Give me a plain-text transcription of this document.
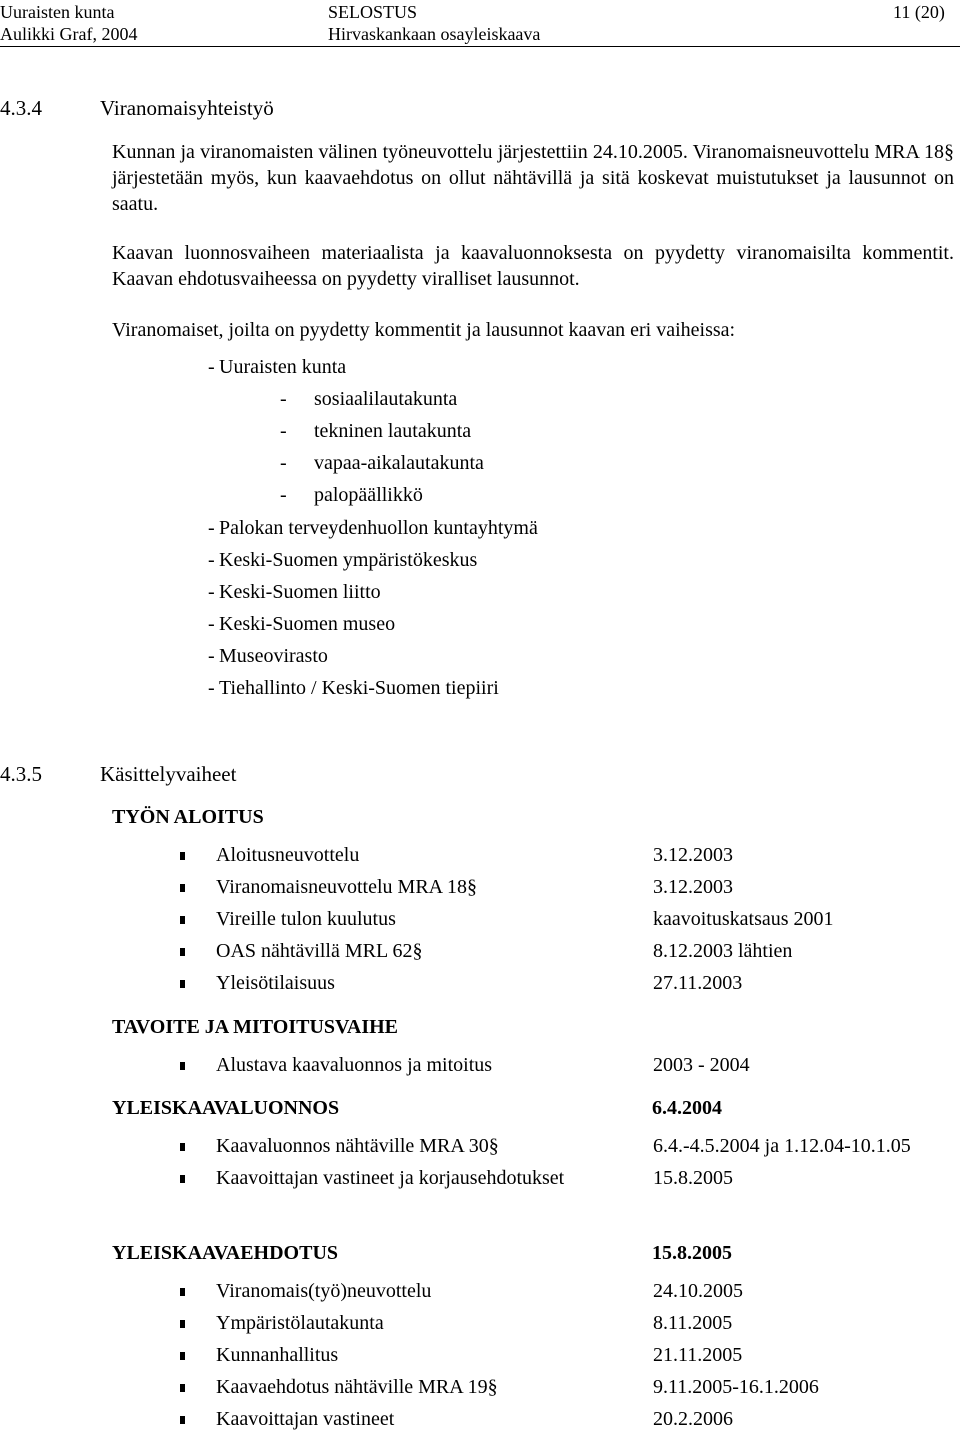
Uuraisten kunta
Aulikki Graf, 2004
SELOSTUS
Hirvaskankaan osayleiskaava
11 (20)
4.3.4	Viranomaisyhteistyö

Kunnan ja viranomaisten välinen työneuvottelu järjestettiin 24.10.2005. Viranomaisneuvottelu MRA 18§ järjestetään myös, kun kaavaehdotus on ollut nähtävillä ja sitä koskevat muistutukset ja lausunnot on saatu.

Kaavan luonnosvaiheen materiaalista ja kaavaluonnoksesta on pyydetty viranomaisilta kommentit. Kaavan ehdotusvaiheessa on pyydetty viralliset lausunnot.

Viranomaiset, joilta on pyydetty kommentit ja lausunnot kaavan eri vaiheissa:
- Uuraisten kunta
- sosiaalilautakunta
- tekninen lautakunta
- vapaa-aikalautakunta
- palopäällikkö
- Palokan terveydenhuollon kuntayhtymä
- Keski-Suomen ympäristökeskus
- Keski-Suomen liitto
- Keski-Suomen museo
- Museovirasto
- Tiehallinto / Keski-Suomen tiepiiri
4.3.5	Käsittelyvaiheet
TYÖN ALOITUS
Aloitusneuvottelu	3.12.2003
Viranomaisneuvottelu MRA 18§	3.12.2003
Vireille tulon kuulutus	kaavoituskatsaus 2001
OAS nähtävillä MRL 62§	8.12.2003 lähtien
Yleisötilaisuus	27.11.2003
TAVOITE JA MITOITUSVAIHE
Alustava kaavaluonnos ja mitoitus	2003 - 2004
YLEISKAAVALUONNOS	6.4.2004
Kaavaluonnos nähtäville MRA 30§	6.4.-4.5.2004 ja 1.12.04-10.1.05
Kaavoittajan vastineet ja korjausehdotukset	15.8.2005
YLEISKAAVAEHDOTUS	15.8.2005
Viranomais(työ)neuvottelu	24.10.2005
Ympäristölautakunta	8.11.2005
Kunnanhallitus	21.11.2005
Kaavaehdotus nähtäville MRA 19§	9.11.2005-16.1.2006
Kaavoittajan vastineet	20.2.2006
